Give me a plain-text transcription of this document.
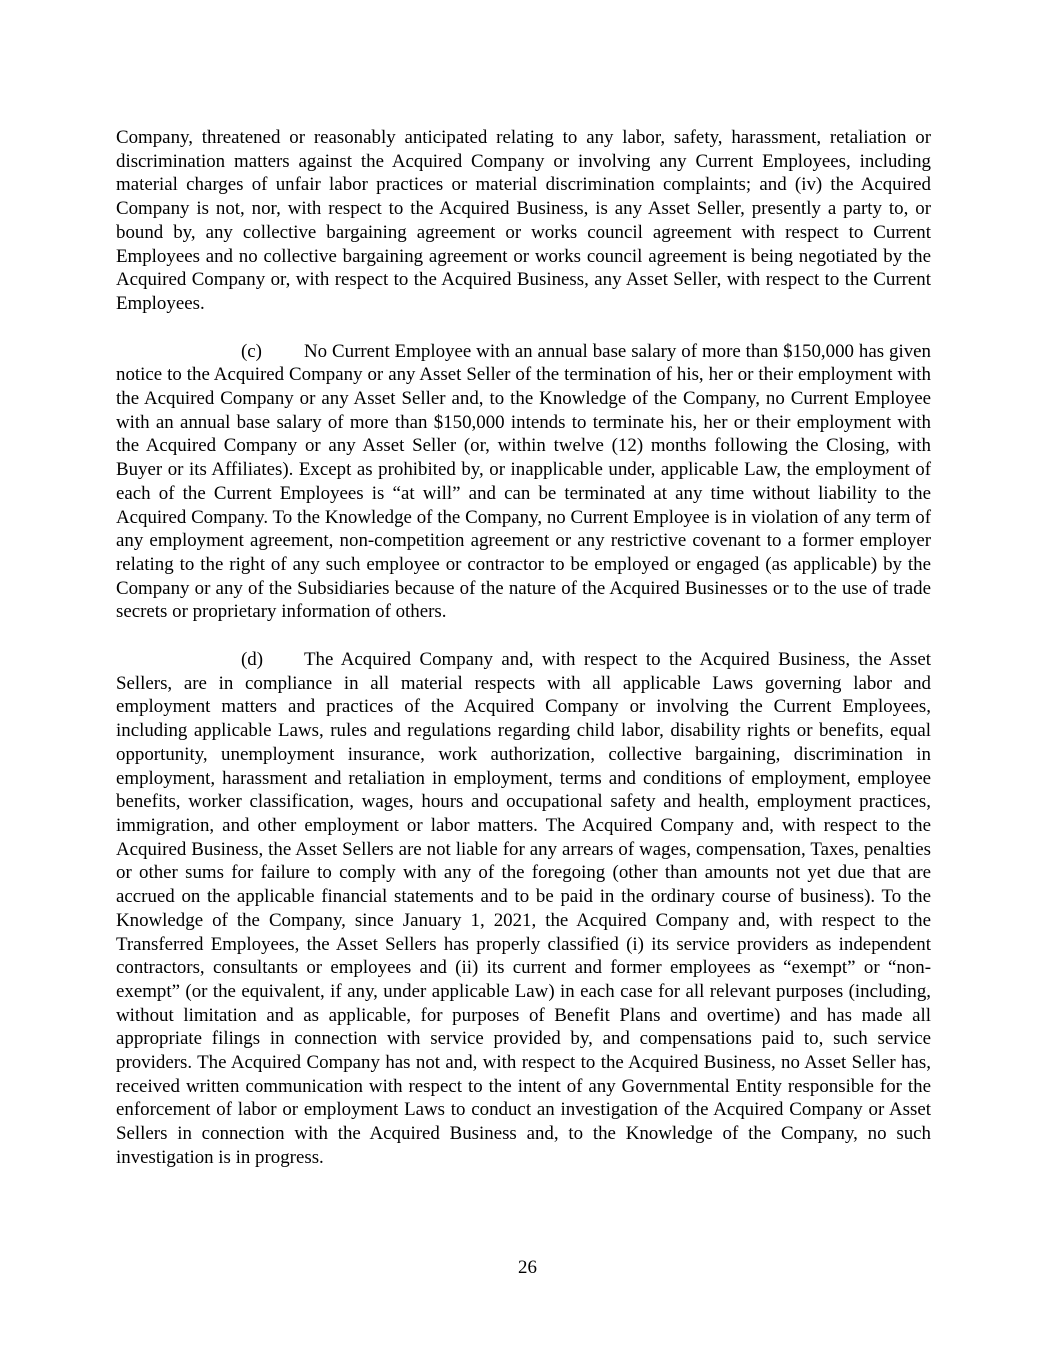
Company, threatened or reasonably anticipated relating to any labor, safety, harassment, retaliation or discrimination matters against the Acquired Company or involving any Current Employees, including material charges of unfair labor practices or material discrimination complaints; and (iv) the Acquired Company is not, nor, with respect to the Acquired Business, is any Asset Seller, presently a party to, or bound by, any collective bargaining agreement or works council agreement with respect to Current Employees and no collective bargaining agreement or works council agreement is being negotiated by the Acquired Company or, with respect to the Acquired Business, any Asset Seller, with respect to the Current Employees.

(c) No Current Employee with an annual base salary of more than $150,000 has given notice to the Acquired Company or any Asset Seller of the termination of his, her or their employment with the Acquired Company or any Asset Seller and, to the Knowledge of the Company, no Current Employee with an annual base salary of more than $150,000 intends to terminate his, her or their employment with the Acquired Company or any Asset Seller (or, within twelve (12) months following the Closing, with Buyer or its Affiliates). Except as prohibited by, or inapplicable under, applicable Law, the employment of each of the Current Employees is “at will” and can be terminated at any time without liability to the Acquired Company. To the Knowledge of the Company, no Current Employee is in violation of any term of any employment agreement, non-competition agreement or any restrictive covenant to a former employer relating to the right of any such employee or contractor to be employed or engaged (as applicable) by the Company or any of the Subsidiaries because of the nature of the Acquired Businesses or to the use of trade secrets or proprietary information of others.

(d) The Acquired Company and, with respect to the Acquired Business, the Asset Sellers, are in compliance in all material respects with all applicable Laws governing labor and employment matters and practices of the Acquired Company or involving the Current Employees, including applicable Laws, rules and regulations regarding child labor, disability rights or benefits, equal opportunity, unemployment insurance, work authorization, collective bargaining, discrimination in employment, harassment and retaliation in employment, terms and conditions of employment, employee benefits, worker classification, wages, hours and occupational safety and health, employment practices, immigration, and other employment or labor matters. The Acquired Company and, with respect to the Acquired Business, the Asset Sellers are not liable for any arrears of wages, compensation, Taxes, penalties or other sums for failure to comply with any of the foregoing (other than amounts not yet due that are accrued on the applicable financial statements and to be paid in the ordinary course of business). To the Knowledge of the Company, since January 1, 2021, the Acquired Company and, with respect to the Transferred Employees, the Asset Sellers has properly classified (i) its service providers as independent contractors, consultants or employees and (ii) its current and former employees as “exempt” or “non-exempt” (or the equivalent, if any, under applicable Law) in each case for all relevant purposes (including, without limitation and as applicable, for purposes of Benefit Plans and overtime) and has made all appropriate filings in connection with service provided by, and compensations paid to, such service providers. The Acquired Company has not and, with respect to the Acquired Business, no Asset Seller has, received written communication with respect to the intent of any Governmental Entity responsible for the enforcement of labor or employment Laws to conduct an investigation of the Acquired Company or Asset Sellers in connection with the Acquired Business and, to the Knowledge of the Company, no such investigation is in progress.

26
